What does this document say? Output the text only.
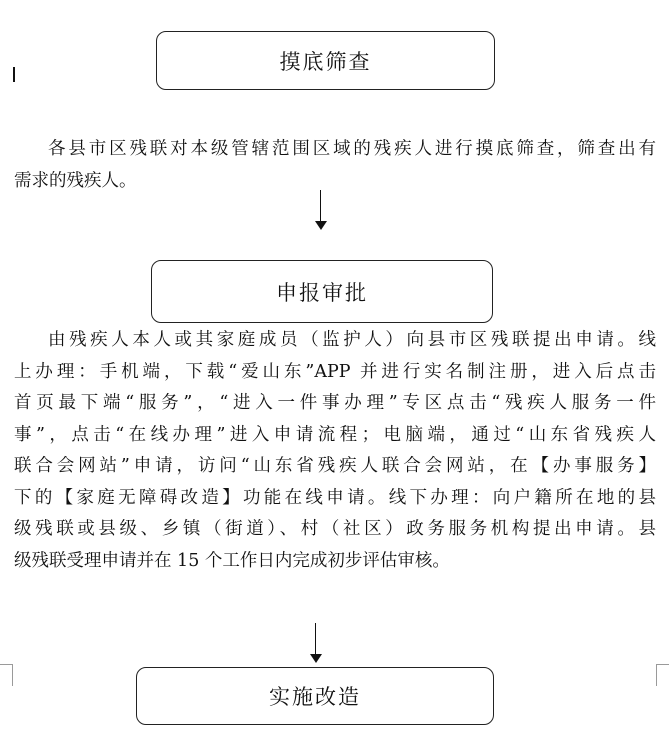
摸底筛查
各县市区残联对本级管辖范围区域的残疾人进行摸底筛查，筛查出有
需求的残疾人。
申报审批
由残疾人本人或其家庭成员（监护人）向县市区残联提出申请。线
上办理：手机端，下载“爱山东”APP 并进行实名制注册，进入后点击
首页最下端“服务”，“进入一件事办理”专区点击“残疾人服务一件
事”，点击“在线办理”进入申请流程；电脑端，通过“山东省残疾人
联合会网站”申请，访问“山东省残疾人联合会网站，在【办事服务】
下的【家庭无障碍改造】功能在线申请。线下办理：向户籍所在地的县
级残联或县级、乡镇（街道）、村（社区）政务服务机构提出申请。县
级残联受理申请并在 15 个工作日内完成初步评估审核。
实施改造
